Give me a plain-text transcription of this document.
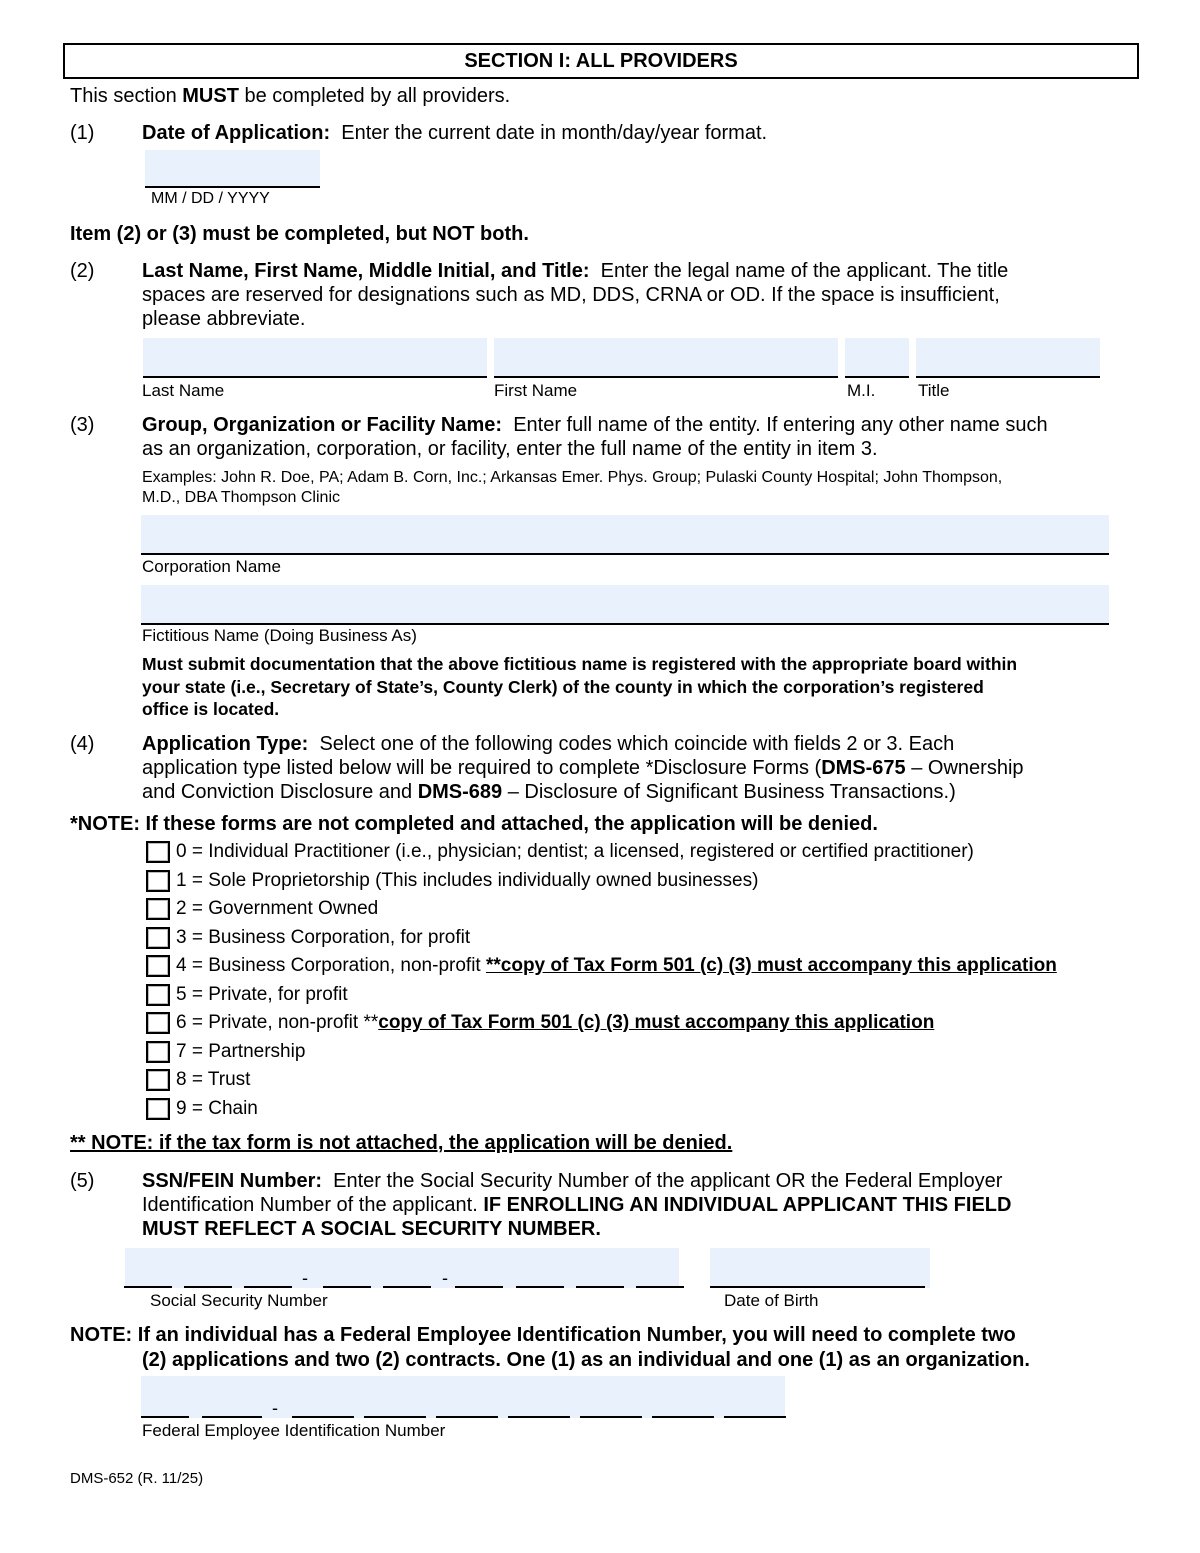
SECTION I: ALL PROVIDERS
This section MUST be completed by all providers.
(1) Date of Application: Enter the current date in month/day/year format.
MM / DD / YYYY
Item (2) or (3) must be completed, but NOT both.
(2) Last Name, First Name, Middle Initial, and Title: Enter the legal name of the applicant. The title
spaces are reserved for designations such as MD, DDS, CRNA or OD. If the space is insufficient,
please abbreviate.
Last Name	First Name	M.I.	Title
(3) Group, Organization or Facility Name: Enter full name of the entity. If entering any other name such
as an organization, corporation, or facility, enter the full name of the entity in item 3.
Examples: John R. Doe, PA; Adam B. Corn, Inc.; Arkansas Emer. Phys. Group; Pulaski County Hospital; John Thompson,
M.D., DBA Thompson Clinic
Corporation Name
Fictitious Name (Doing Business As)
Must submit documentation that the above fictitious name is registered with the appropriate board within
your state (i.e., Secretary of State’s, County Clerk) of the county in which the corporation’s registered
office is located.
(4) Application Type: Select one of the following codes which coincide with fields 2 or 3. Each
application type listed below will be required to complete *Disclosure Forms (DMS-675 – Ownership
and Conviction Disclosure and DMS-689 – Disclosure of Significant Business Transactions.)
*NOTE: If these forms are not completed and attached, the application will be denied.
0 = Individual Practitioner (i.e., physician; dentist; a licensed, registered or certified practitioner)
1 = Sole Proprietorship (This includes individually owned businesses)
2 = Government Owned
3 = Business Corporation, for profit
4 = Business Corporation, non-profit **copy of Tax Form 501 (c) (3) must accompany this application
5 = Private, for profit
6 = Private, non-profit ** copy of Tax Form 501 (c) (3) must accompany this application
7 = Partnership
8 = Trust
9 = Chain
** NOTE: if the tax form is not attached, the application will be denied.
(5) SSN/FEIN Number: Enter the Social Security Number of the applicant OR the Federal Employer
Identification Number of the applicant. IF ENROLLING AN INDIVIDUAL APPLICANT THIS FIELD
MUST REFLECT A SOCIAL SECURITY NUMBER.
-	-
Social Security Number	Date of Birth
NOTE: If an individual has a Federal Employee Identification Number, you will need to complete two
(2) applications and two (2) contracts. One (1) as an individual and one (1) as an organization.
-
Federal Employee Identification Number
DMS-652 (R. 11/25)
